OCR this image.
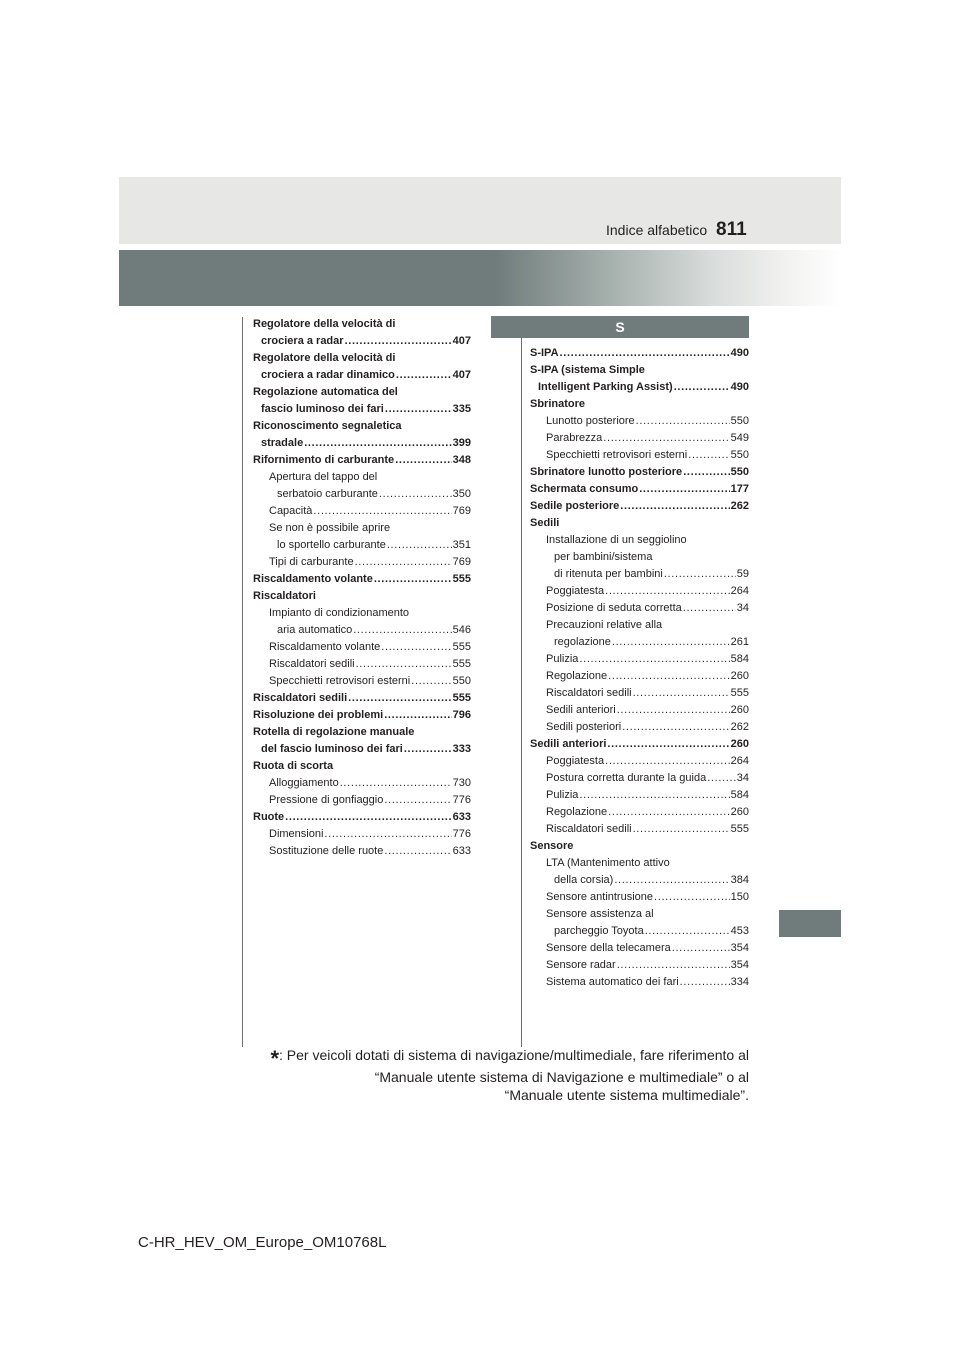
811
Indice alfabetico
S
Regolatore della velocità di
crociera a radar . . .	407
Regolatore della velocità di
crociera a radar dinamico . . .	407
Regolazione automatica del
fascio luminoso dei fari . . .	335
Riconoscimento segnaletica
stradale . . .	399
Rifornimento di carburante . . .	348
Apertura del tappo del
serbatoio carburante . . .	350
Capacità . . .	769
Se non è possibile aprire
lo sportello carburante . . .	351
Tipi di carburante . . .	769
Riscaldamento volante . . .	555
Riscaldatori
Impianto di condizionamento
aria automatico . . .	546
Riscaldamento volante . . .	555
Riscaldatori sedili . . .	555
Specchietti retrovisori esterni . . .	550
Riscaldatori sedili . . .	555
Risoluzione dei problemi . . .	796
Rotella di regolazione manuale
del fascio luminoso dei fari . . .	333
Ruota di scorta
Alloggiamento . . .	730
Pressione di gonfiaggio . . .	776
Ruote . . .	633
Dimensioni . . .	776
Sostituzione delle ruote . . .	633
S-IPA . . .	490
S-IPA (sistema Simple
Intelligent Parking Assist) . . .	490
Sbrinatore
Lunotto posteriore . . .	550
Parabrezza . . .	549
Specchietti retrovisori esterni . . .	550
Sbrinatore lunotto posteriore . . .	550
Schermata consumo . . .	177
Sedile posteriore . . .	262
Sedili
Installazione di un seggiolino
per bambini/sistema
di ritenuta per bambini . . .	59
Poggiatesta . . .	264
Posizione di seduta corretta . . .	34
Precauzioni relative alla
regolazione . . .	261
Pulizia . . .	584
Regolazione . . .	260
Riscaldatori sedili . . .	555
Sedili anteriori . . .	260
Sedili posteriori . . .	262
Sedili anteriori . . .	260
Poggiatesta . . .	264
Postura corretta durante la guida . . .	34
Pulizia . . .	584
Regolazione . . .	260
Riscaldatori sedili . . .	555
Sensore
LTA (Mantenimento attivo
della corsia) . . .	384
Sensore antintrusione . . .	150
Sensore assistenza al
parcheggio Toyota . . .	453
Sensore della telecamera . . .	354
Sensore radar . . .	354
Sistema automatico dei fari . . .	334
*: Per veicoli dotati di sistema di navigazione/multimediale, fare riferimento al
“Manuale utente sistema di Navigazione e multimediale” o al
“Manuale utente sistema multimediale”.
C-HR_HEV_OM_Europe_OM10768L
